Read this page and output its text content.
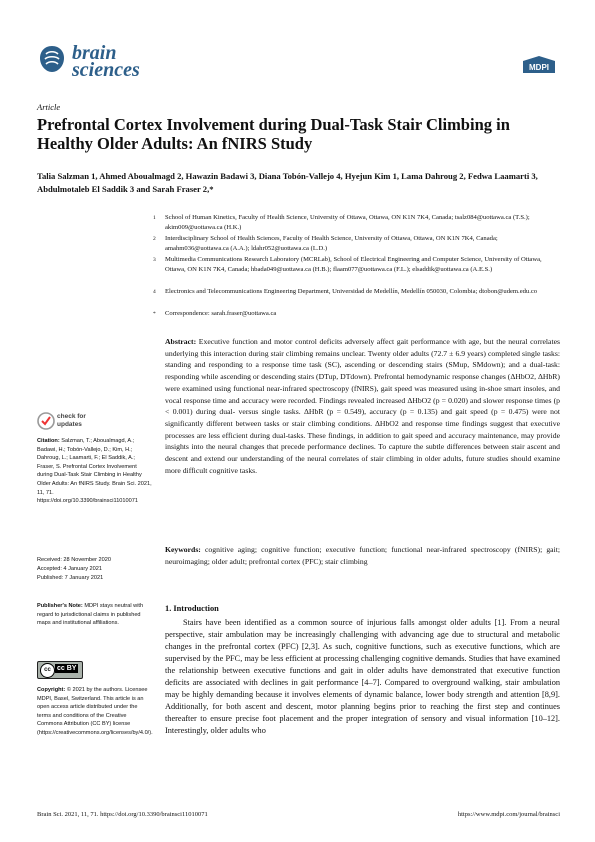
brain
sciences	MDPI
Article
Prefrontal Cortex Involvement during Dual-Task Stair Climbing in Healthy Older Adults: An fNIRS Study
Talia Salzman 1, Ahmed Aboualmagd 2, Hawazin Badawi 3, Diana Tobón-Vallejo 4, Hyejun Kim 1, Lama Dahroug 2, Fedwa Laamarti 3, Abdulmotaleb El Saddik 3 and Sarah Fraser 2,*
1 School of Human Kinetics, Faculty of Health Science, University of Ottawa, Ottawa, ON K1N 7K4, Canada; tsalz084@uottawa.ca (T.S.); akim009@uottawa.ca (H.K.)
2 Interdisciplinary School of Health Sciences, Faculty of Health Science, University of Ottawa, Ottawa, ON K1N 7K4, Canada; amahm036@uottawa.ca (A.A.); ldahr052@uottawa.ca (L.D.)
3 Multimedia Communications Research Laboratory (MCRLab), School of Electrical Engineering and Computer Science, University of Ottawa, Ottawa, ON K1N 7K4, Canada; hbada049@uottawa.ca (H.B.); flaam077@uottawa.ca (F.L.); elsaddik@uottawa.ca (A.E.S.)
4 Electronics and Telecommunications Engineering Department, Universidad de Medellín, Medellín 050030, Colombia; dtobon@udem.edu.co
* Correspondence: sarah.fraser@uottawa.ca
Abstract: Executive function and motor control deficits adversely affect gait performance with age, but the neural correlates underlying this interaction during stair climbing remains unclear. Twenty older adults (72.7 ± 6.9 years) completed single tasks: standing and responding to a response time task (SC), ascending or descending stairs (SMup, SMdown); and a dual-task: responding while ascending or descending stairs (DTup, DTdown). Prefrontal hemodynamic response changes (ΔHbO2, ΔHbR) were examined using functional near-infrared spectroscopy (fNIRS), gait speed was measured using in-shoe smart insoles, and vocal response time and accuracy were recorded. Findings revealed increased ΔHbO2 (p = 0.020) and slower response times (p < 0.001) during dual- versus single tasks. ΔHbR (p = 0.549), accuracy (p = 0.135) and gait speed (p = 0.475) were not significantly different between tasks or stair climbing conditions. ΔHbO2 and response time findings suggest that executive processes are less efficient during dual-tasks. These findings, in addition to gait speed and accuracy maintenance, may provide insights into the neural changes that precede performance declines. To capture the subtle differences between stair ascent and descent and extend our understanding of the neural correlates of stair climbing in older adults, future studies should examine more difficult cognitive tasks.
Keywords: cognitive aging; cognitive function; executive function; functional near-infrared spectroscopy (fNIRS); gait; neuroimaging; older adult; prefrontal cortex (PFC); stair climbing
1. Introduction
Stairs have been identified as a common source of injurious falls amongst older adults [1]. From a neural perspective, stair ambulation may be increasingly challenging with advancing age due to structural and metabolic changes in the prefrontal cortex (PFC) [2,3]. As such, cognitive functions, such as executive functions, which are supervised by the PFC, may be less efficient at processing challenging cognitive demands. Studies that have examined the relationship between executive functions and gait in older adults have demonstrated that executive function deficits are associated with declines in gait performance [4–7]. Compared to overground walking, stair ambulation may be highly demanding because it involves elements of dynamic balance, lower body strength and attention [8,9]. Additionally, for both ascent and descent, motor planning begins prior to reaching the first step and continues thereafter to ensure precise foot placement and the proper integration of sensory and visual information [10–12]. Interestingly, older adults who
check for updates
Citation: Salzman, T.; Aboualmagd, A.; Badawi, H.; Tobón-Vallejo, D.; Kim, H.; Dahroug, L.; Laamarti, F.; El Saddik, A.; Fraser, S. Prefrontal Cortex Involvement during Dual-Task Stair Climbing in Healthy Older Adults: An fNIRS Study. Brain Sci. 2021, 11, 71. https://doi.org/10.3390/brainsci11010071
Received: 28 November 2020
Accepted: 4 January 2021
Published: 7 January 2021
Publisher's Note: MDPI stays neutral with regard to jurisdictional claims in published maps and institutional affiliations.
cc cc BY
Copyright: © 2021 by the authors. Licensee MDPI, Basel, Switzerland. This article is an open access article distributed under the terms and conditions of the Creative Commons Attribution (CC BY) license (https://creativecommons.org/licenses/by/4.0/).
Brain Sci. 2021, 11, 71. https://doi.org/10.3390/brainsci11010071	https://www.mdpi.com/journal/brainsci
